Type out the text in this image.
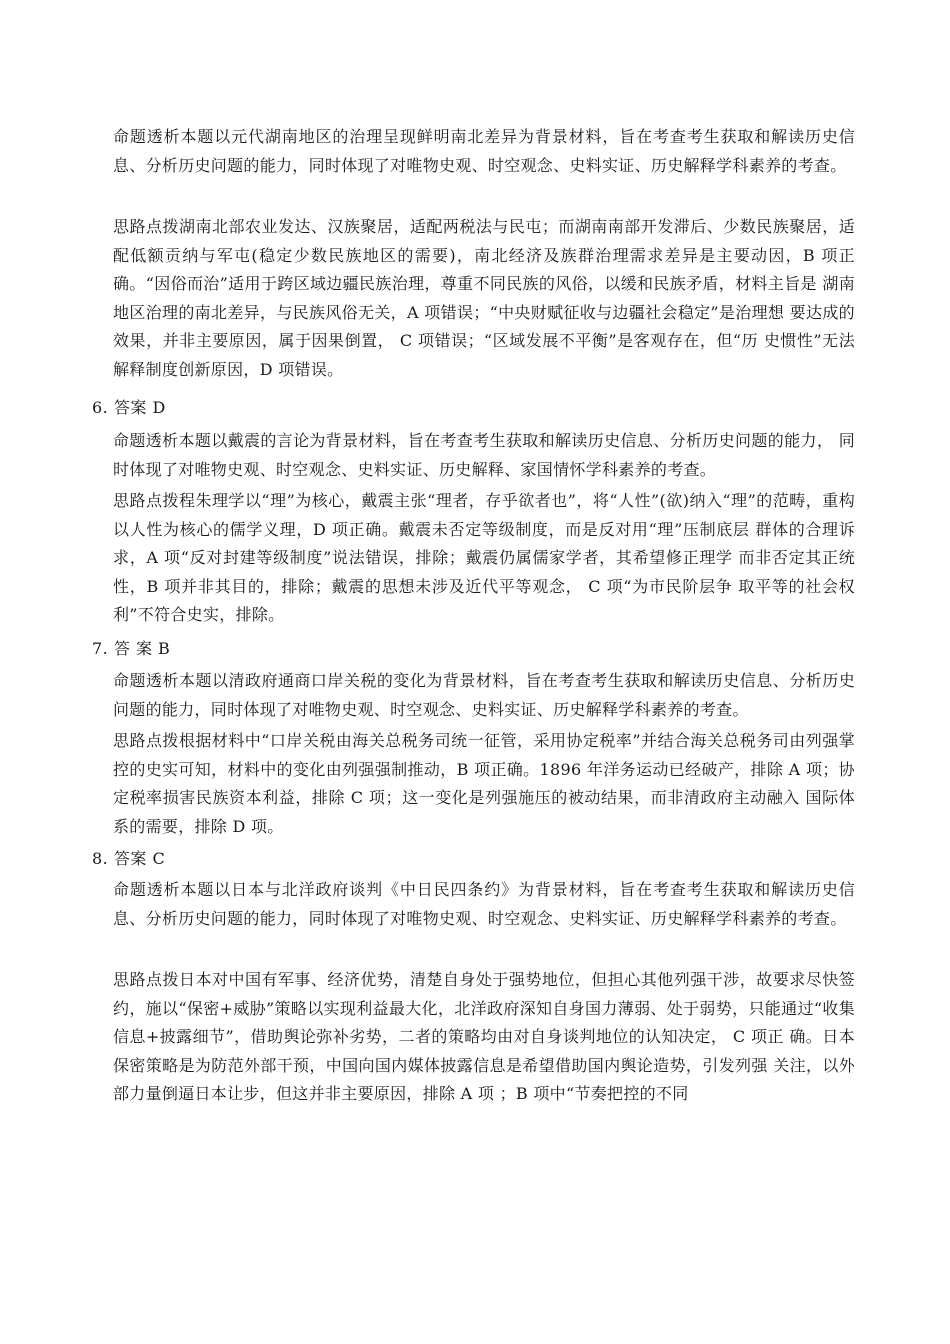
命题透析本题以元代湖南地区的治理呈现鲜明南北差异为背景材料，旨在考查考生获取和解读历史信息、分析历史问题的能力，同时体现了对唯物史观、时空观念、史料实证、历史解释学科素养的考查。
思路点拨湖南北部农业发达、汉族聚居，适配两税法与民屯；而湖南南部开发滞后、少数民族聚居，适配低额贡纳与军屯(稳定少数民族地区的需要)，南北经济及族群治理需求差异是主要动因，B 项正 确。“因俗而治”适用于跨区域边疆民族治理，尊重不同民族的风俗，以缓和民族矛盾，材料主旨是 湖南地区治理的南北差异，与民族风俗无关，A 项错误；“中央财赋征收与边疆社会稳定”是治理想 要达成的效果，并非主要原因，属于因果倒置， C 项错误；“区域发展不平衡”是客观存在，但“历 史惯性”无法解释制度创新原因，D 项错误。
6. 答案 D
命题透析本题以戴震的言论为背景材料，旨在考查考生获取和解读历史信息、分析历史问题的能力， 同时体现了对唯物史观、时空观念、史料实证、历史解释、家国情怀学科素养的考查。
思路点拨程朱理学以“理”为核心，戴震主张“理者，存乎欲者也”，将“人性”(欲)纳入“理”的范畴，重构以人性为核心的儒学义理，D 项正确。戴震未否定等级制度，而是反对用“理”压制底层 群体的合理诉求，A 项“反对封建等级制度”说法错误，排除；戴震仍属儒家学者，其希望修正理学 而非否定其正统性，B 项并非其目的，排除；戴震的思想未涉及近代平等观念， C 项“为市民阶层争 取平等的社会权利”不符合史实，排除。
7. 答 案 B
命题透析本题以清政府通商口岸关税的变化为背景材料，旨在考查考生获取和解读历史信息、分析历史问题的能力，同时体现了对唯物史观、时空观念、史料实证、历史解释学科素养的考查。
思路点拨根据材料中“口岸关税由海关总税务司统一征管，采用协定税率”并结合海关总税务司由列强掌控的史实可知，材料中的变化由列强强制推动，B 项正确。1896 年洋务运动已经破产，排除 A 项；协定税率损害民族资本利益，排除 C 项；这一变化是列强施压的被动结果，而非清政府主动融入 国际体系的需要，排除 D 项。
8. 答案 C
命题透析本题以日本与北洋政府谈判《中日民四条约》为背景材料，旨在考查考生获取和解读历史信息、分析历史问题的能力，同时体现了对唯物史观、时空观念、史料实证、历史解释学科素养的考查。
思路点拨日本对中国有军事、经济优势，清楚自身处于强势地位，但担心其他列强干涉，故要求尽快签约，施以“保密+威胁”策略以实现利益最大化，北洋政府深知自身国力薄弱、处于弱势，只能通过“收集信息+披露细节”，借助舆论弥补劣势，二者的策略均由对自身谈判地位的认知决定， C 项正 确。日本保密策略是为防范外部干预，中国向国内媒体披露信息是希望借助国内舆论造势，引发列强 关注，以外部力量倒逼日本让步，但这并非主要原因，排除 A 项 ；B 项中“节奏把控的不同
